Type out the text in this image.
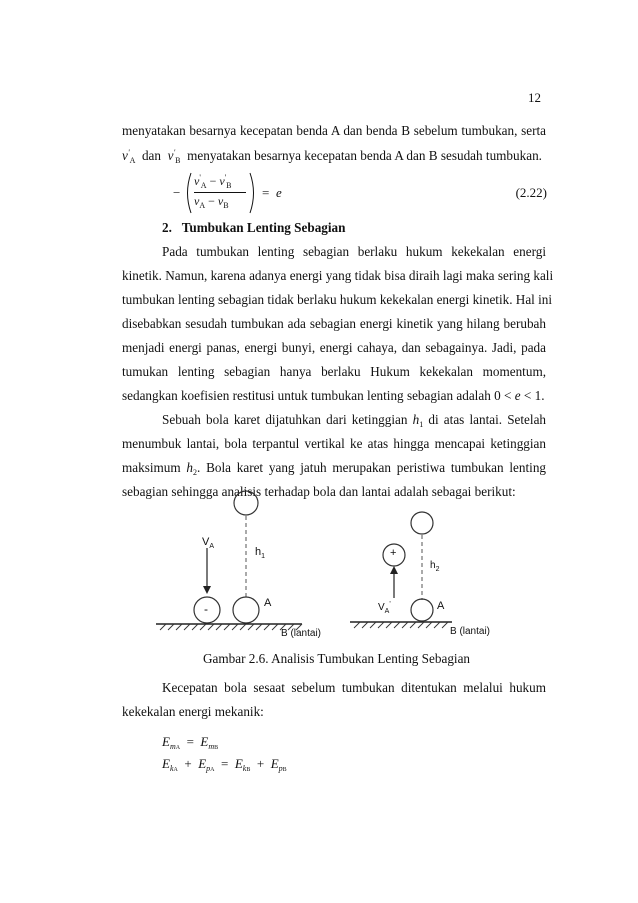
12
menyatakan besarnya kecepatan benda A dan benda B sebelum tumbukan, serta
$v'_A$ dan $v'_B$ menyatakan besarnya kecepatan benda A dan B sesudah tumbukan.
−
$v'_A - v'_B$
$v_A - v_B$
= e	(2.22)
2. Tumbukan Lenting Sebagian
Pada tumbukan lenting sebagian berlaku hukum kekekalan energi
kinetik. Namun, karena adanya energi yang tidak bisa diraih lagi maka sering kali
tumbukan lenting sebagian tidak berlaku hukum kekekalan energi kinetik. Hal ini
disebabkan sesudah tumbukan ada sebagian energi kinetik yang hilang berubah
menjadi energi panas, energi bunyi, energi cahaya, dan sebagainya. Jadi, pada
tumukan lenting sebagian hanya berlaku Hukum kekekalan momentum,
sedangkan koefisien restitusi untuk tumbukan lenting sebagian adalah 0 < e < 1.
Sebuah bola karet dijatuhkan dari ketinggian $h_1$ di atas lantai. Setelah
menumbuk lantai, bola terpantul vertikal ke atas hingga mencapai ketinggian
maksimum $h_2$. Bola karet yang jatuh merupakan peristiwa tumbukan lenting
sebagian sehingga analisis terhadap bola dan lantai adalah sebagai berikut:
$V_A$	$h_1$
-	A
B (lantai)
+
$h_2$
$V_A'$	A
B (lantai)
Gambar 2.6. Analisis Tumbukan Lenting Sebagian
Kecepatan bola sesaat sebelum tumbukan ditentukan melalui hukum
kekekalan energi mekanik:
$E_{mA} = E_{mB}$
$E_{kA} + E_{pA} = E_{kB} + E_{pB}$
